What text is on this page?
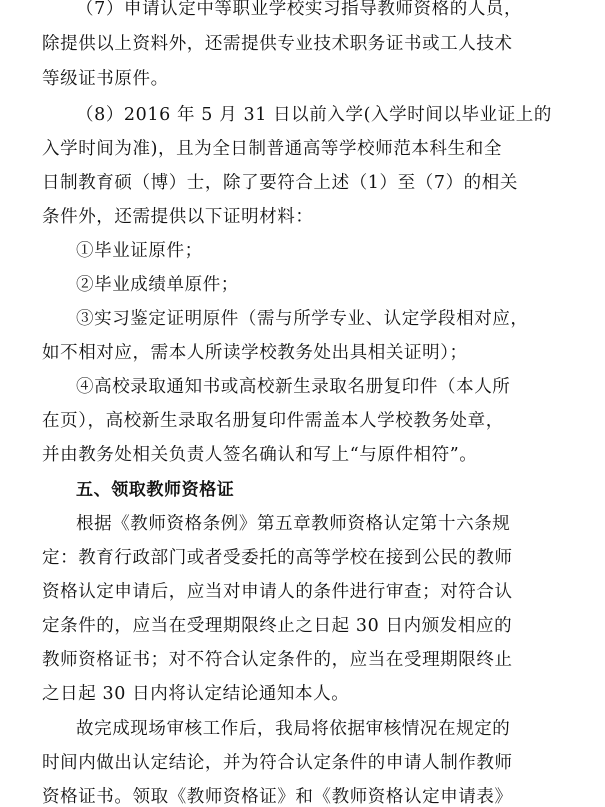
（7）申请认定中等职业学校实习指导教师资格的人员，
除提供以上资料外，还需提供专业技术职务证书或工人技术
等级证书原件。
（8）2016 年 5 月 31 日以前入学(入学时间以毕业证上的
入学时间为准)，且为全日制普通高等学校师范本科生和全
日制教育硕（博）士，除了要符合上述（1）至（7）的相关
条件外，还需提供以下证明材料：
①毕业证原件；
②毕业成绩单原件；
③实习鉴定证明原件（需与所学专业、认定学段相对应，
如不相对应，需本人所读学校教务处出具相关证明）；
④高校录取通知书或高校新生录取名册复印件（本人所
在页），高校新生录取名册复印件需盖本人学校教务处章，
并由教务处相关负责人签名确认和写上“与原件相符”。
五、领取教师资格证
根据《教师资格条例》第五章教师资格认定第十六条规
定：教育行政部门或者受委托的高等学校在接到公民的教师
资格认定申请后，应当对申请人的条件进行审查；对符合认
定条件的，应当在受理期限终止之日起 30 日内颁发相应的
教师资格证书；对不符合认定条件的，应当在受理期限终止
之日起 30 日内将认定结论通知本人。
故完成现场审核工作后，我局将依据审核情况在规定的
时间内做出认定结论，并为符合认定条件的申请人制作教师
资格证书。领取《教师资格证》和《教师资格认定申请表》
